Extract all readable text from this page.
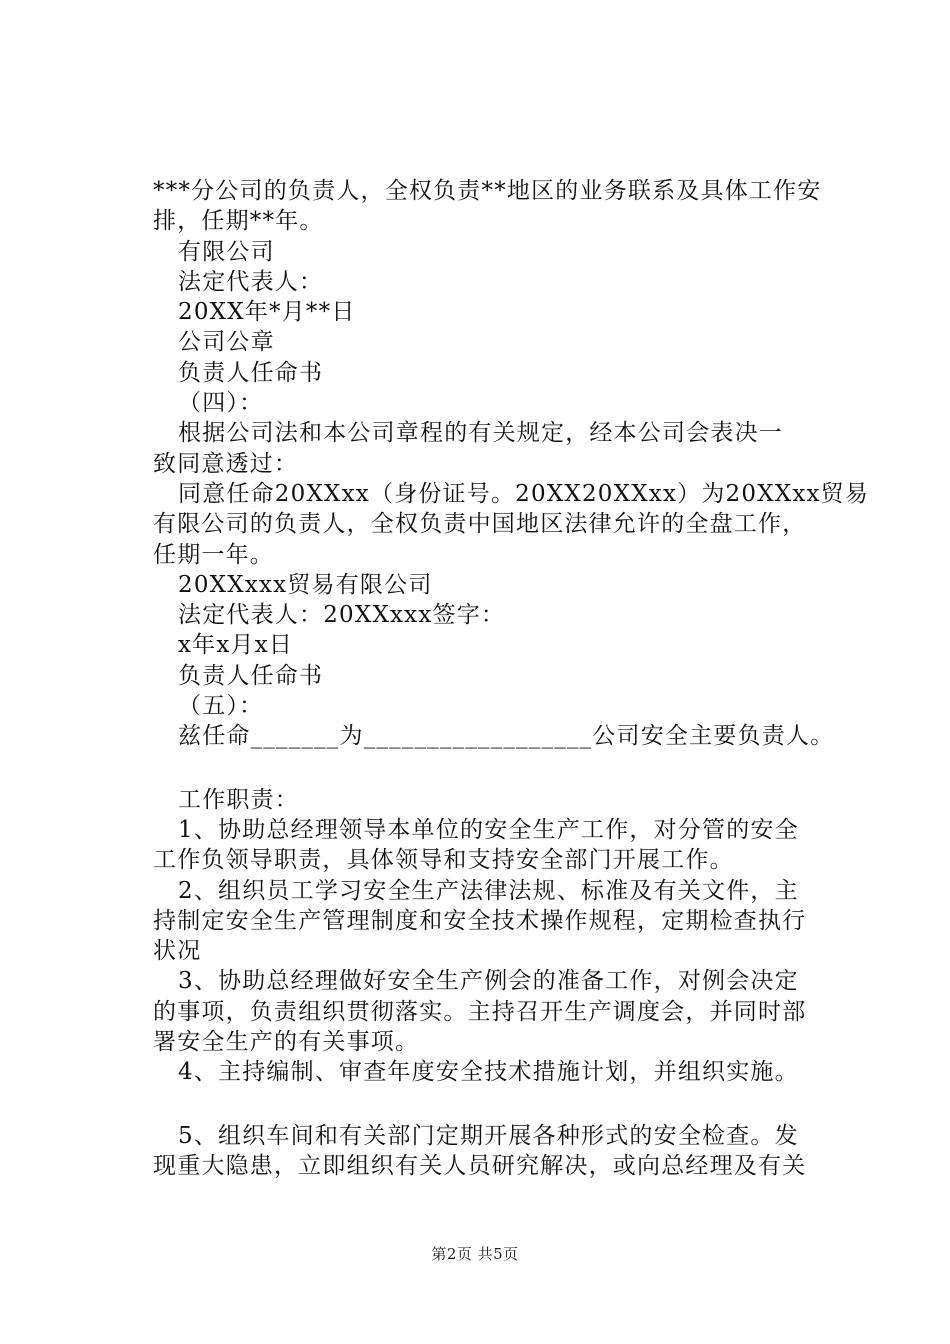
***分公司的负责人，全权负责**地区的业务联系及具体工作安
排，任期**年。
有限公司
法定代表人：
20XX年*月**日
公司公章
负责人任命书
（四）：
根据公司法和本公司章程的有关规定，经本公司会表决一
致同意透过：
同意任命20XXxx（身份证号。20XX20XXxx）为20XXxx贸易
有限公司的负责人，全权负责中国地区法律允许的全盘工作，
任期一年。
20XXxxx贸易有限公司
法定代表人：20XXxxx签字：
x年x月x日
负责人任命书
（五）：
兹任命_______为__________________公司安全主要负责人。
工作职责：
1、协助总经理领导本单位的安全生产工作，对分管的安全
工作负领导职责，具体领导和支持安全部门开展工作。
2、组织员工学习安全生产法律法规、标准及有关文件，主
持制定安全生产管理制度和安全技术操作规程，定期检查执行
状况
3、协助总经理做好安全生产例会的准备工作，对例会决定
的事项，负责组织贯彻落实。主持召开生产调度会，并同时部
署安全生产的有关事项。
4、主持编制、审查年度安全技术措施计划，并组织实施。
5、组织车间和有关部门定期开展各种形式的安全检查。发
现重大隐患，立即组织有关人员研究解决，或向总经理及有关
第2页 共5页
